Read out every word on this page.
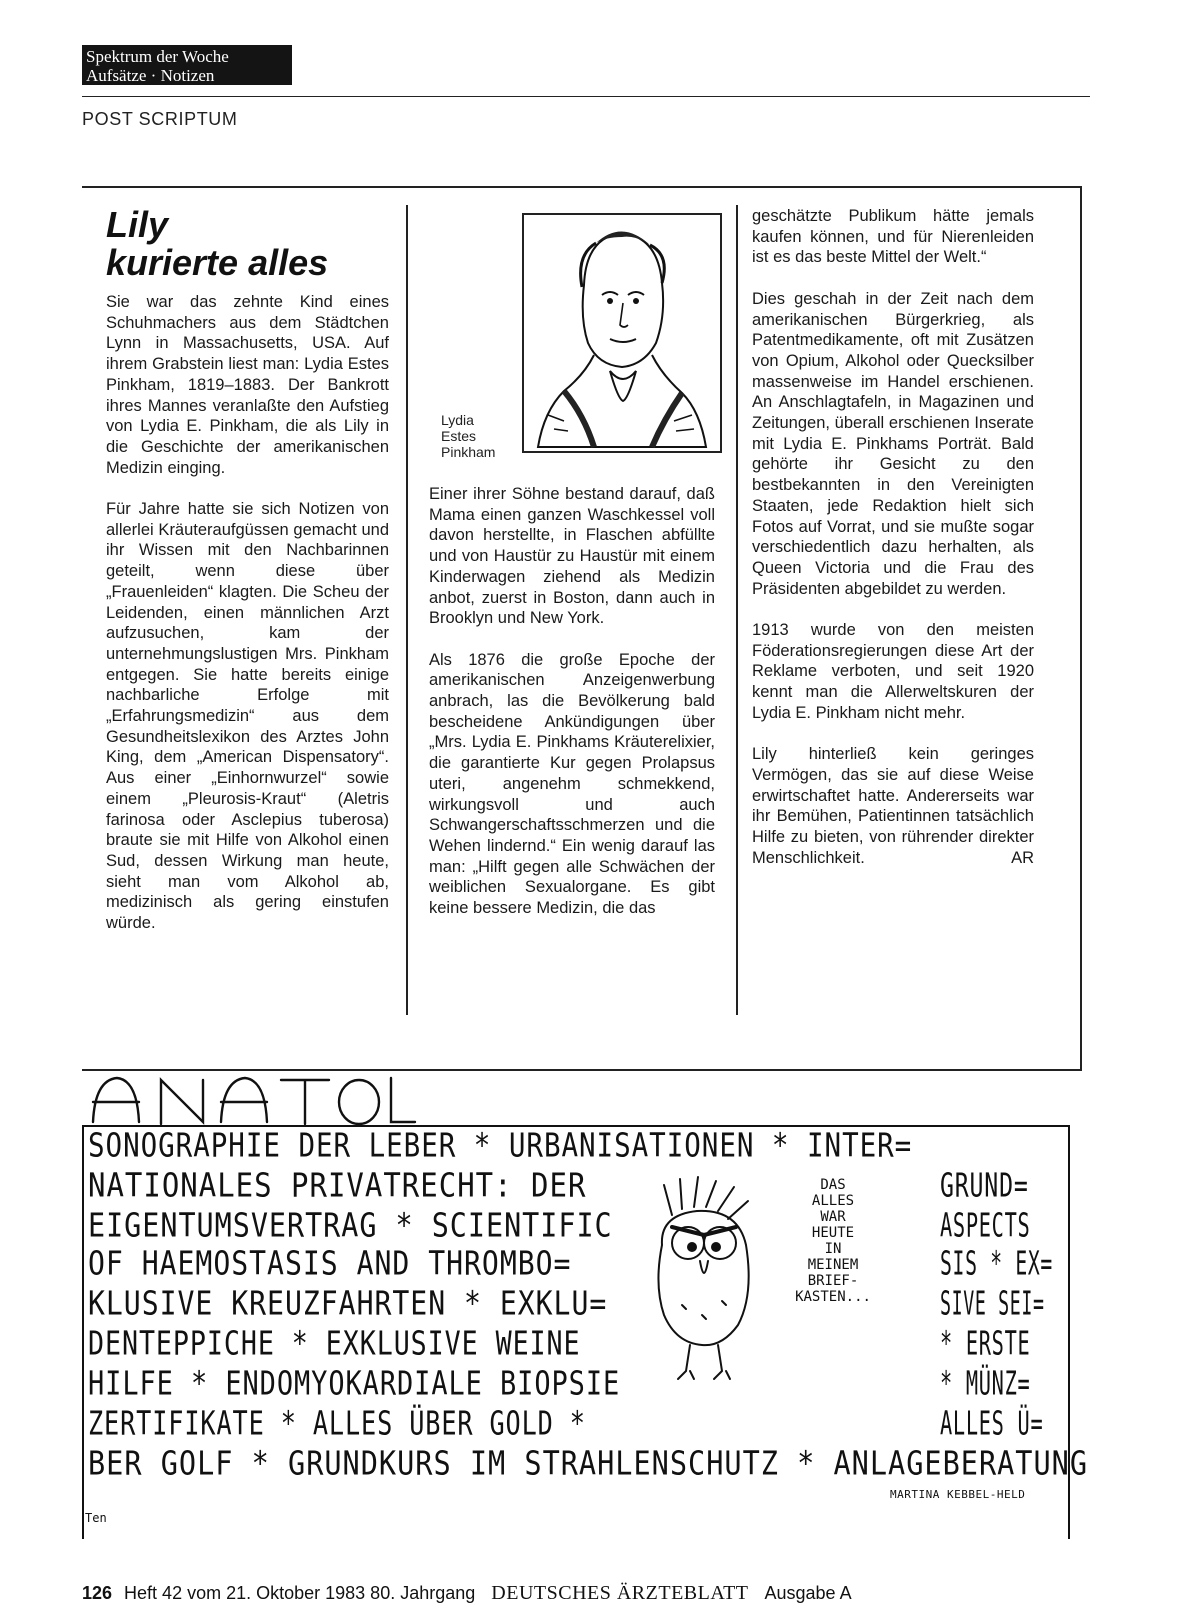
Spektrum der Woche
Aufsätze · Notizen
POST SCRIPTUM
Lily
kurierte alles

Sie war das zehnte Kind eines Schuhmachers aus dem Städtchen Lynn in Massachusetts, USA. Auf ihrem Grabstein liest man: Lydia Estes Pinkham, 1819–1883. Der Bankrott ihres Mannes veranlaßte den Aufstieg von Lydia E. Pinkham, die als Lily in die Geschichte der amerikanischen Medizin einging.

Für Jahre hatte sie sich Notizen von allerlei Kräuteraufgüssen gemacht und ihr Wissen mit den Nachbarinnen geteilt, wenn diese über „Frauenleiden“ klagten. Die Scheu der Leidenden, einen männlichen Arzt aufzusuchen, kam der unternehmungslustigen Mrs. Pinkham entgegen. Sie hatte bereits einige nachbarliche Erfolge mit „Erfahrungsmedizin“ aus dem Gesundheitslexikon des Arztes John King, dem „American Dispensatory“. Aus einer „Einhornwurzel“ sowie einem „Pleurosis-Kraut“ (Aletris farinosa oder Asclepius tuberosa) braute sie mit Hilfe von Alkohol einen Sud, dessen Wirkung man heute, sieht man vom Alkohol ab, medizinisch als gering einstufen würde.

Lydia
Estes
Pinkham

Einer ihrer Söhne bestand darauf, daß Mama einen ganzen Waschkessel voll davon herstellte, in Flaschen abfüllte und von Haustür zu Haustür mit einem Kinderwagen ziehend als Medizin anbot, zuerst in Boston, dann auch in Brooklyn und New York.

Als 1876 die große Epoche der amerikanischen Anzeigenwerbung anbrach, las die Bevölkerung bald bescheidene Ankündigungen über „Mrs. Lydia E. Pinkhams Kräuterelixier, die garantierte Kur gegen Prolapsus uteri, angenehm schmekkend, wirkungsvoll und auch Schwangerschaftsschmerzen und die Wehen lindernd.“ Ein wenig darauf las man: „Hilft gegen alle Schwächen der weiblichen Sexualorgane. Es gibt keine bessere Medizin, die das

geschätzte Publikum hätte jemals kaufen können, und für Nierenleiden ist es das beste Mittel der Welt.“

Dies geschah in der Zeit nach dem amerikanischen Bürgerkrieg, als Patentmedikamente, oft mit Zusätzen von Opium, Alkohol oder Quecksilber massenweise im Handel erschienen. An Anschlagtafeln, in Magazinen und Zeitungen, überall erschienen Inserate mit Lydia E. Pinkhams Porträt. Bald gehörte ihr Gesicht zu den bestbekannten in den Vereinigten Staaten, jede Redaktion hielt sich Fotos auf Vorrat, und sie mußte sogar verschiedentlich dazu herhalten, als Queen Victoria und die Frau des Präsidenten abgebildet zu werden.

1913 wurde von den meisten Föderationsregierungen diese Art der Reklame verboten, und seit 1920 kennt man die Allerweltskuren der Lydia E. Pinkham nicht mehr.

Lily hinterließ kein geringes Vermögen, das sie auf diese Weise erwirtschaftet hatte. Andererseits war ihr Bemühen, Patientinnen tatsächlich Hilfe zu bieten, von rührender direkter Menschlichkeit.	AR

SONOGRAPHIE DER LEBER * URBANISATIONEN * INTER=
NATIONALES PRIVATRECHT: DER
EIGENTUMSVERTRAG * SCIENTIFIC
OF HAEMOSTASIS AND THROMBO=
KLUSIVE KREUZFAHRTEN * EXKLU=
DENTEPPICHE * EXKLUSIVE WEINE
HILFE * ENDOMYOKARDIALE BIOPSIE
ZERTIFIKATE * ALLES ÜBER GOLD *
BER GOLF * GRUNDKURS IM STRAHLENSCHUTZ * ANLAGEBERATUNG
GRUND=
ASPECTS
SIS * EX=
SIVE SEI=
* ERSTE
* MÜNZ=
ALLES Ü=
DAS
ALLES
WAR
HEUTE
IN
MEINEM
BRIEF-
KASTEN...
MARTINA KEBBEL-HELD
Ten
126 Heft 42 vom 21. Oktober 1983 80. Jahrgang DEUTSCHES ÄRZTEBLATT Ausgabe A
